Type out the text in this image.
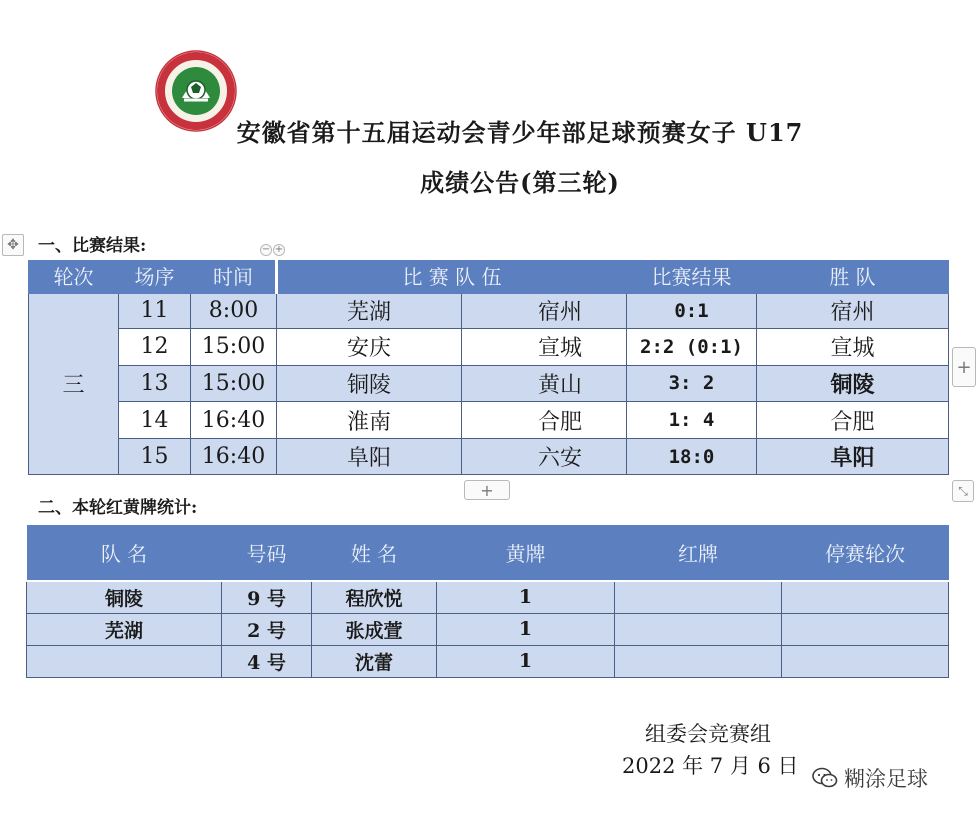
安徽省第十五届运动会青少年部足球预赛女子 U17
成绩公告(第三轮)
一、比赛结果:
✥	− +
轮次	场序	时间	比 赛 队 伍		比赛结果	胜 队
三	11	8:00	芜湖	宿州	0:1	宿州
	12	15:00	安庆	宣城	2:2 (0:1)	宣城
	13	15:00	铜陵	黄山	3: 2	铜陵
	14	16:40	淮南	合肥	1: 4	合肥
	15	16:40	阜阳	六安	18:0	阜阳
+
+	⤡
二、本轮红黄牌统计:
队 名	号码	姓 名	黄牌	红牌	停赛轮次
铜陵	9 号	程欣悦	1		
芜湖	2 号	张成萱	1		
	4 号	沈蕾	1		
组委会竞赛组
2022 年 7 月 6 日
糊涂足球
